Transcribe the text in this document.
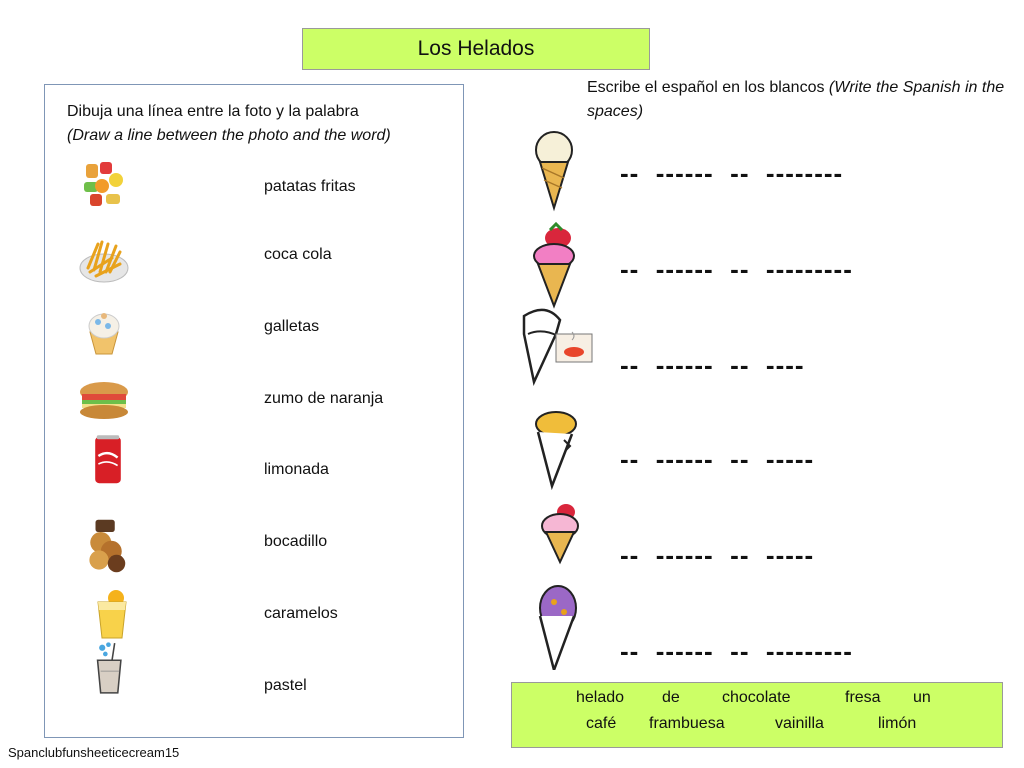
Los Helados
Dibuja una línea entre la foto y la palabra
(Draw a line between the photo and the word)
patatas fritas
coca cola
galletas
zumo de naranja
limonada
bocadillo
caramelos
pastel
Escribe el español en los blancos (Write the Spanish in the spaces)
--  ------  --  --------
--  ------  --  ---------
--  ------  --  ----
--  ------  --  -----
--  ------  --  -----
--  ------  --  ---------
helado de	chocolate	fresa un
café frambuesa	vainilla	limón
Spanclubfunsheeticecream15
